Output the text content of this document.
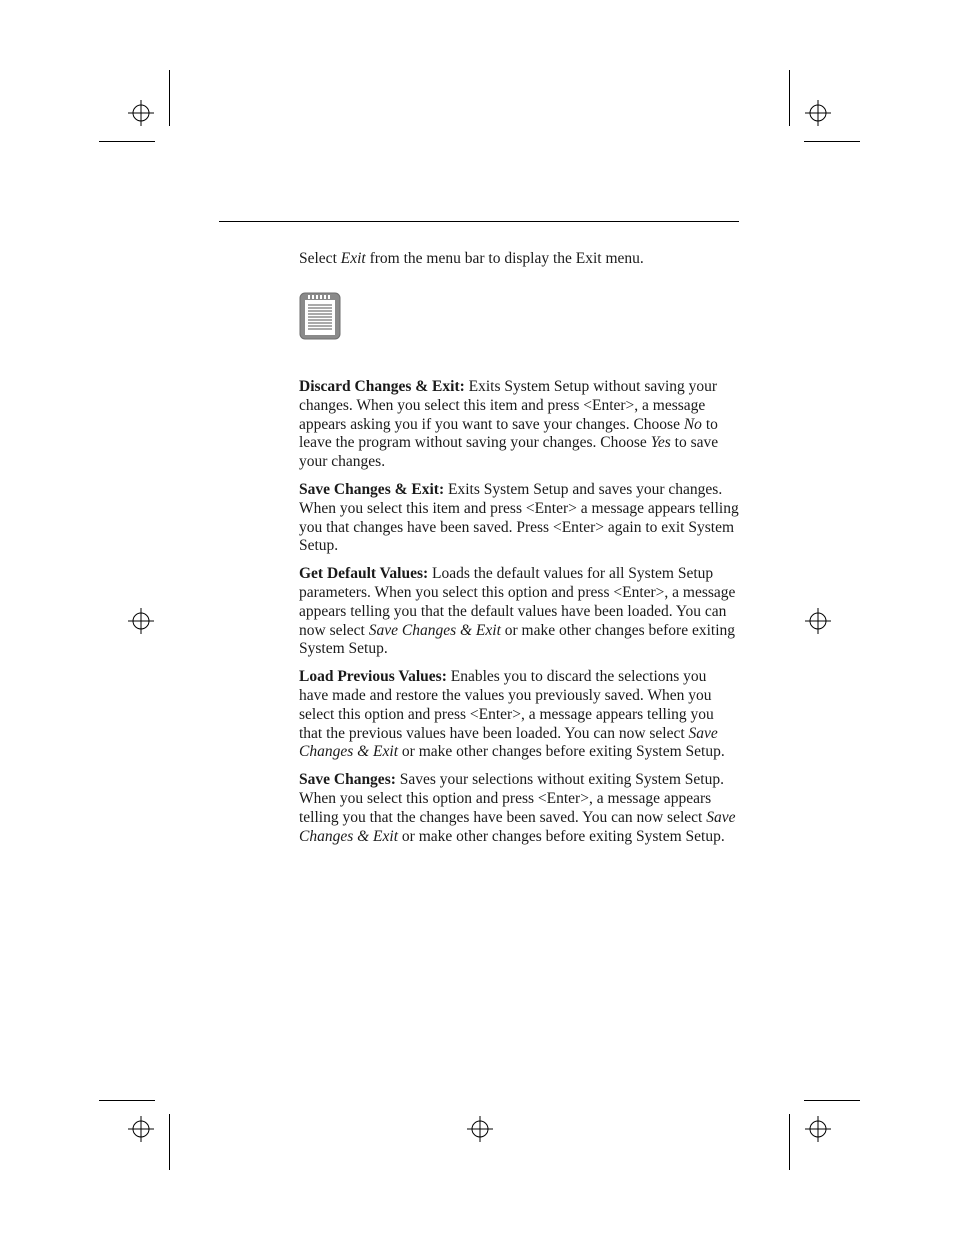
Select Exit from the menu bar to display the Exit menu.

Discard Changes & Exit: Exits System Setup without saving your changes. When you select this item and press <Enter>, a message appears asking you if you want to save your changes. Choose No to leave the program without saving your changes. Choose Yes to save your changes.

Save Changes & Exit: Exits System Setup and saves your changes. When you select this item and press <Enter> a message appears telling you that changes have been saved. Press <Enter> again to exit System Setup.

Get Default Values: Loads the default values for all System Setup parameters. When you select this option and press <Enter>, a message appears telling you that the default values have been loaded. You can now select Save Changes & Exit or make other changes before exiting System Setup.

Load Previous Values: Enables you to discard the selections you have made and restore the values you previously saved. When you select this option and press <Enter>, a message appears telling you that the previous values have been loaded. You can now select Save Changes & Exit or make other changes before exiting System Setup.

Save Changes: Saves your selections without exiting System Setup. When you select this option and press <Enter>, a message appears telling you that the changes have been saved. You can now select Save Changes & Exit or make other changes before exiting System Setup.
